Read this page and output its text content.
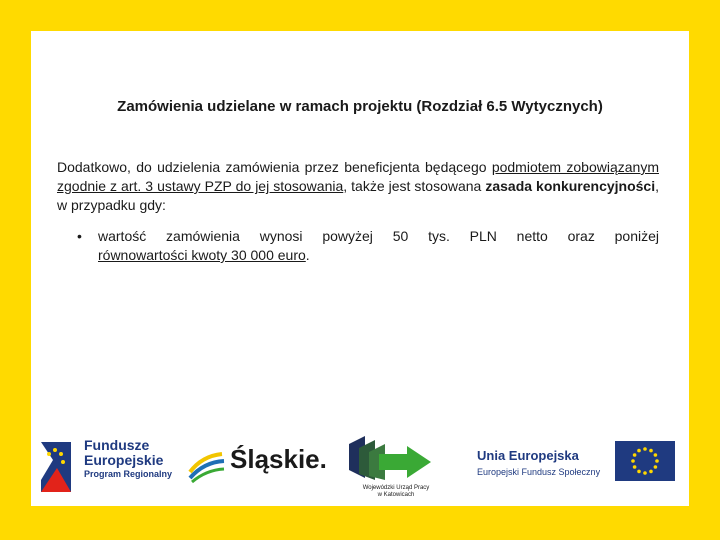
Zamówienia udzielane w ramach projektu (Rozdział 6.5 Wytycznych)
Dodatkowo, do udzielenia zamówienia przez beneficjenta będącego podmiotem zobowiązanym zgodnie z art. 3 ustawy PZP do jej stosowania, także jest stosowana zasada konkurencyjności, w przypadku gdy:
• wartość zamówienia wynosi powyżej 50 tys. PLN netto oraz poniżej
równowartości kwoty 30 000 euro.
Fundusze
Europejskie
Program Regionalny Śląskie.
Wojewódzki Urząd Pracy
w Katowicach
Unia Europejska
Europejski Fundusz Społeczny
